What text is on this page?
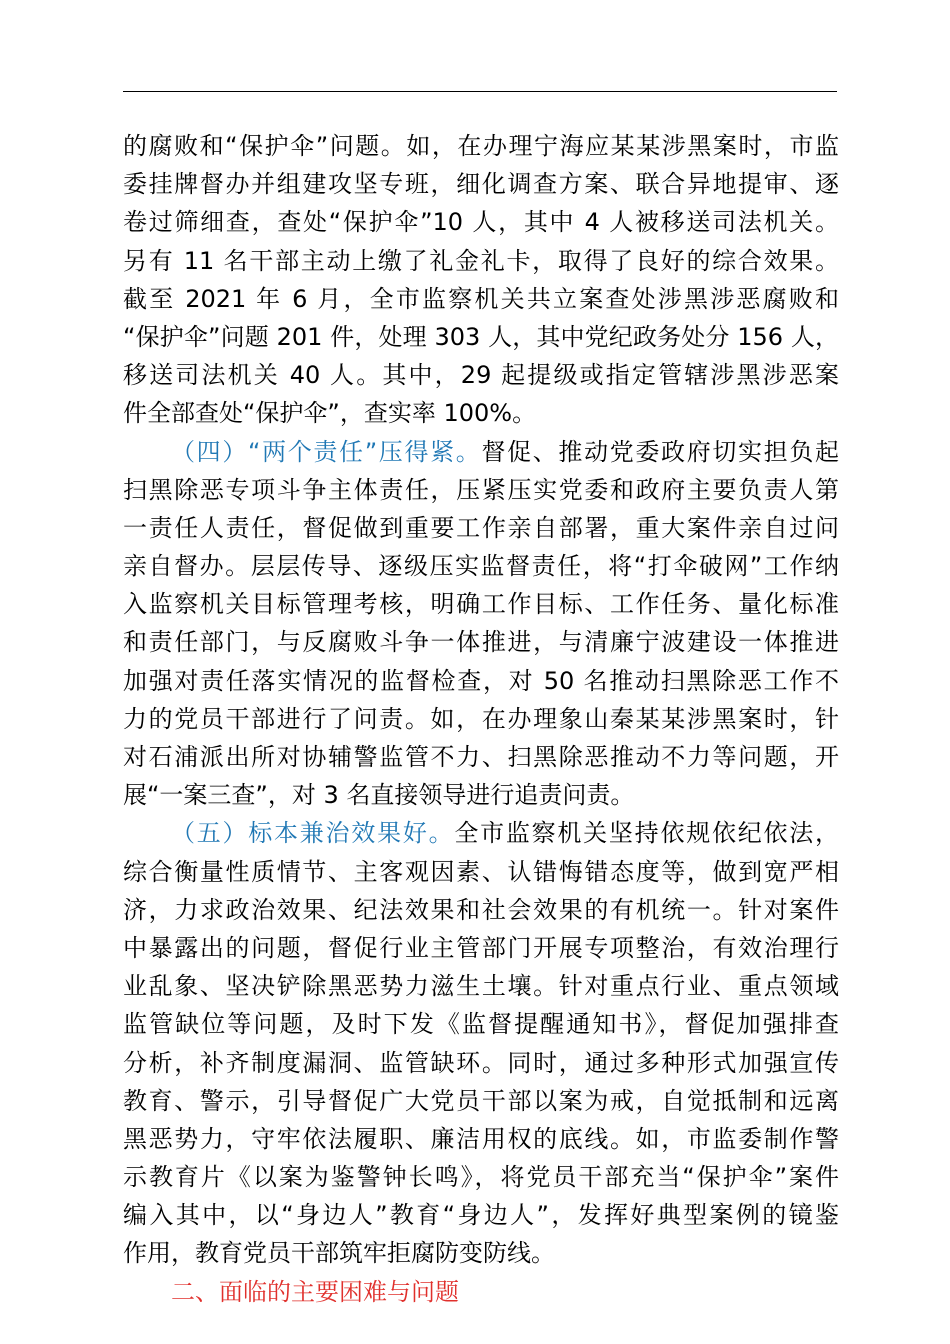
的腐败和“保护伞”问题。如，在办理宁海应某某涉黑案时，市监
委挂牌督办并组建攻坚专班，细化调查方案、联合异地提审、逐
卷过筛细查，查处“保护伞”10 人，其中 4 人被移送司法机关。
另有 11 名干部主动上缴了礼金礼卡，取得了良好的综合效果。
截至 2021 年 6 月，全市监察机关共立案查处涉黑涉恶腐败和
“保护伞”问题 201 件，处理 303 人，其中党纪政务处分 156 人，
移送司法机关 40 人。其中，29 起提级或指定管辖涉黑涉恶案
件全部查处“保护伞”，查实率 100%。
（四）“两个责任”压得紧。督促、推动党委政府切实担负起
扫黑除恶专项斗争主体责任，压紧压实党委和政府主要负责人第
一责任人责任，督促做到重要工作亲自部署，重大案件亲自过问
亲自督办。层层传导、逐级压实监督责任，将“打伞破网”工作纳
入监察机关目标管理考核，明确工作目标、工作任务、量化标准
和责任部门，与反腐败斗争一体推进，与清廉宁波建设一体推进
加强对责任落实情况的监督检查，对 50 名推动扫黑除恶工作不
力的党员干部进行了问责。如，在办理象山秦某某涉黑案时，针
对石浦派出所对协辅警监管不力、扫黑除恶推动不力等问题，开
展“一案三查”，对 3 名直接领导进行追责问责。
（五）标本兼治效果好。全市监察机关坚持依规依纪依法，
综合衡量性质情节、主客观因素、认错悔错态度等，做到宽严相
济，力求政治效果、纪法效果和社会效果的有机统一。针对案件
中暴露出的问题，督促行业主管部门开展专项整治，有效治理行
业乱象、坚决铲除黑恶势力滋生土壤。针对重点行业、重点领域
监管缺位等问题，及时下发《监督提醒通知书》，督促加强排查
分析，补齐制度漏洞、监管缺环。同时，通过多种形式加强宣传
教育、警示，引导督促广大党员干部以案为戒，自觉抵制和远离
黑恶势力，守牢依法履职、廉洁用权的底线。如，市监委制作警
示教育片《以案为鉴警钟长鸣》，将党员干部充当“保护伞”案件
编入其中，以“身边人”教育“身边人”，发挥好典型案例的镜鉴
作用，教育党员干部筑牢拒腐防变防线。
二、面临的主要困难与问题
